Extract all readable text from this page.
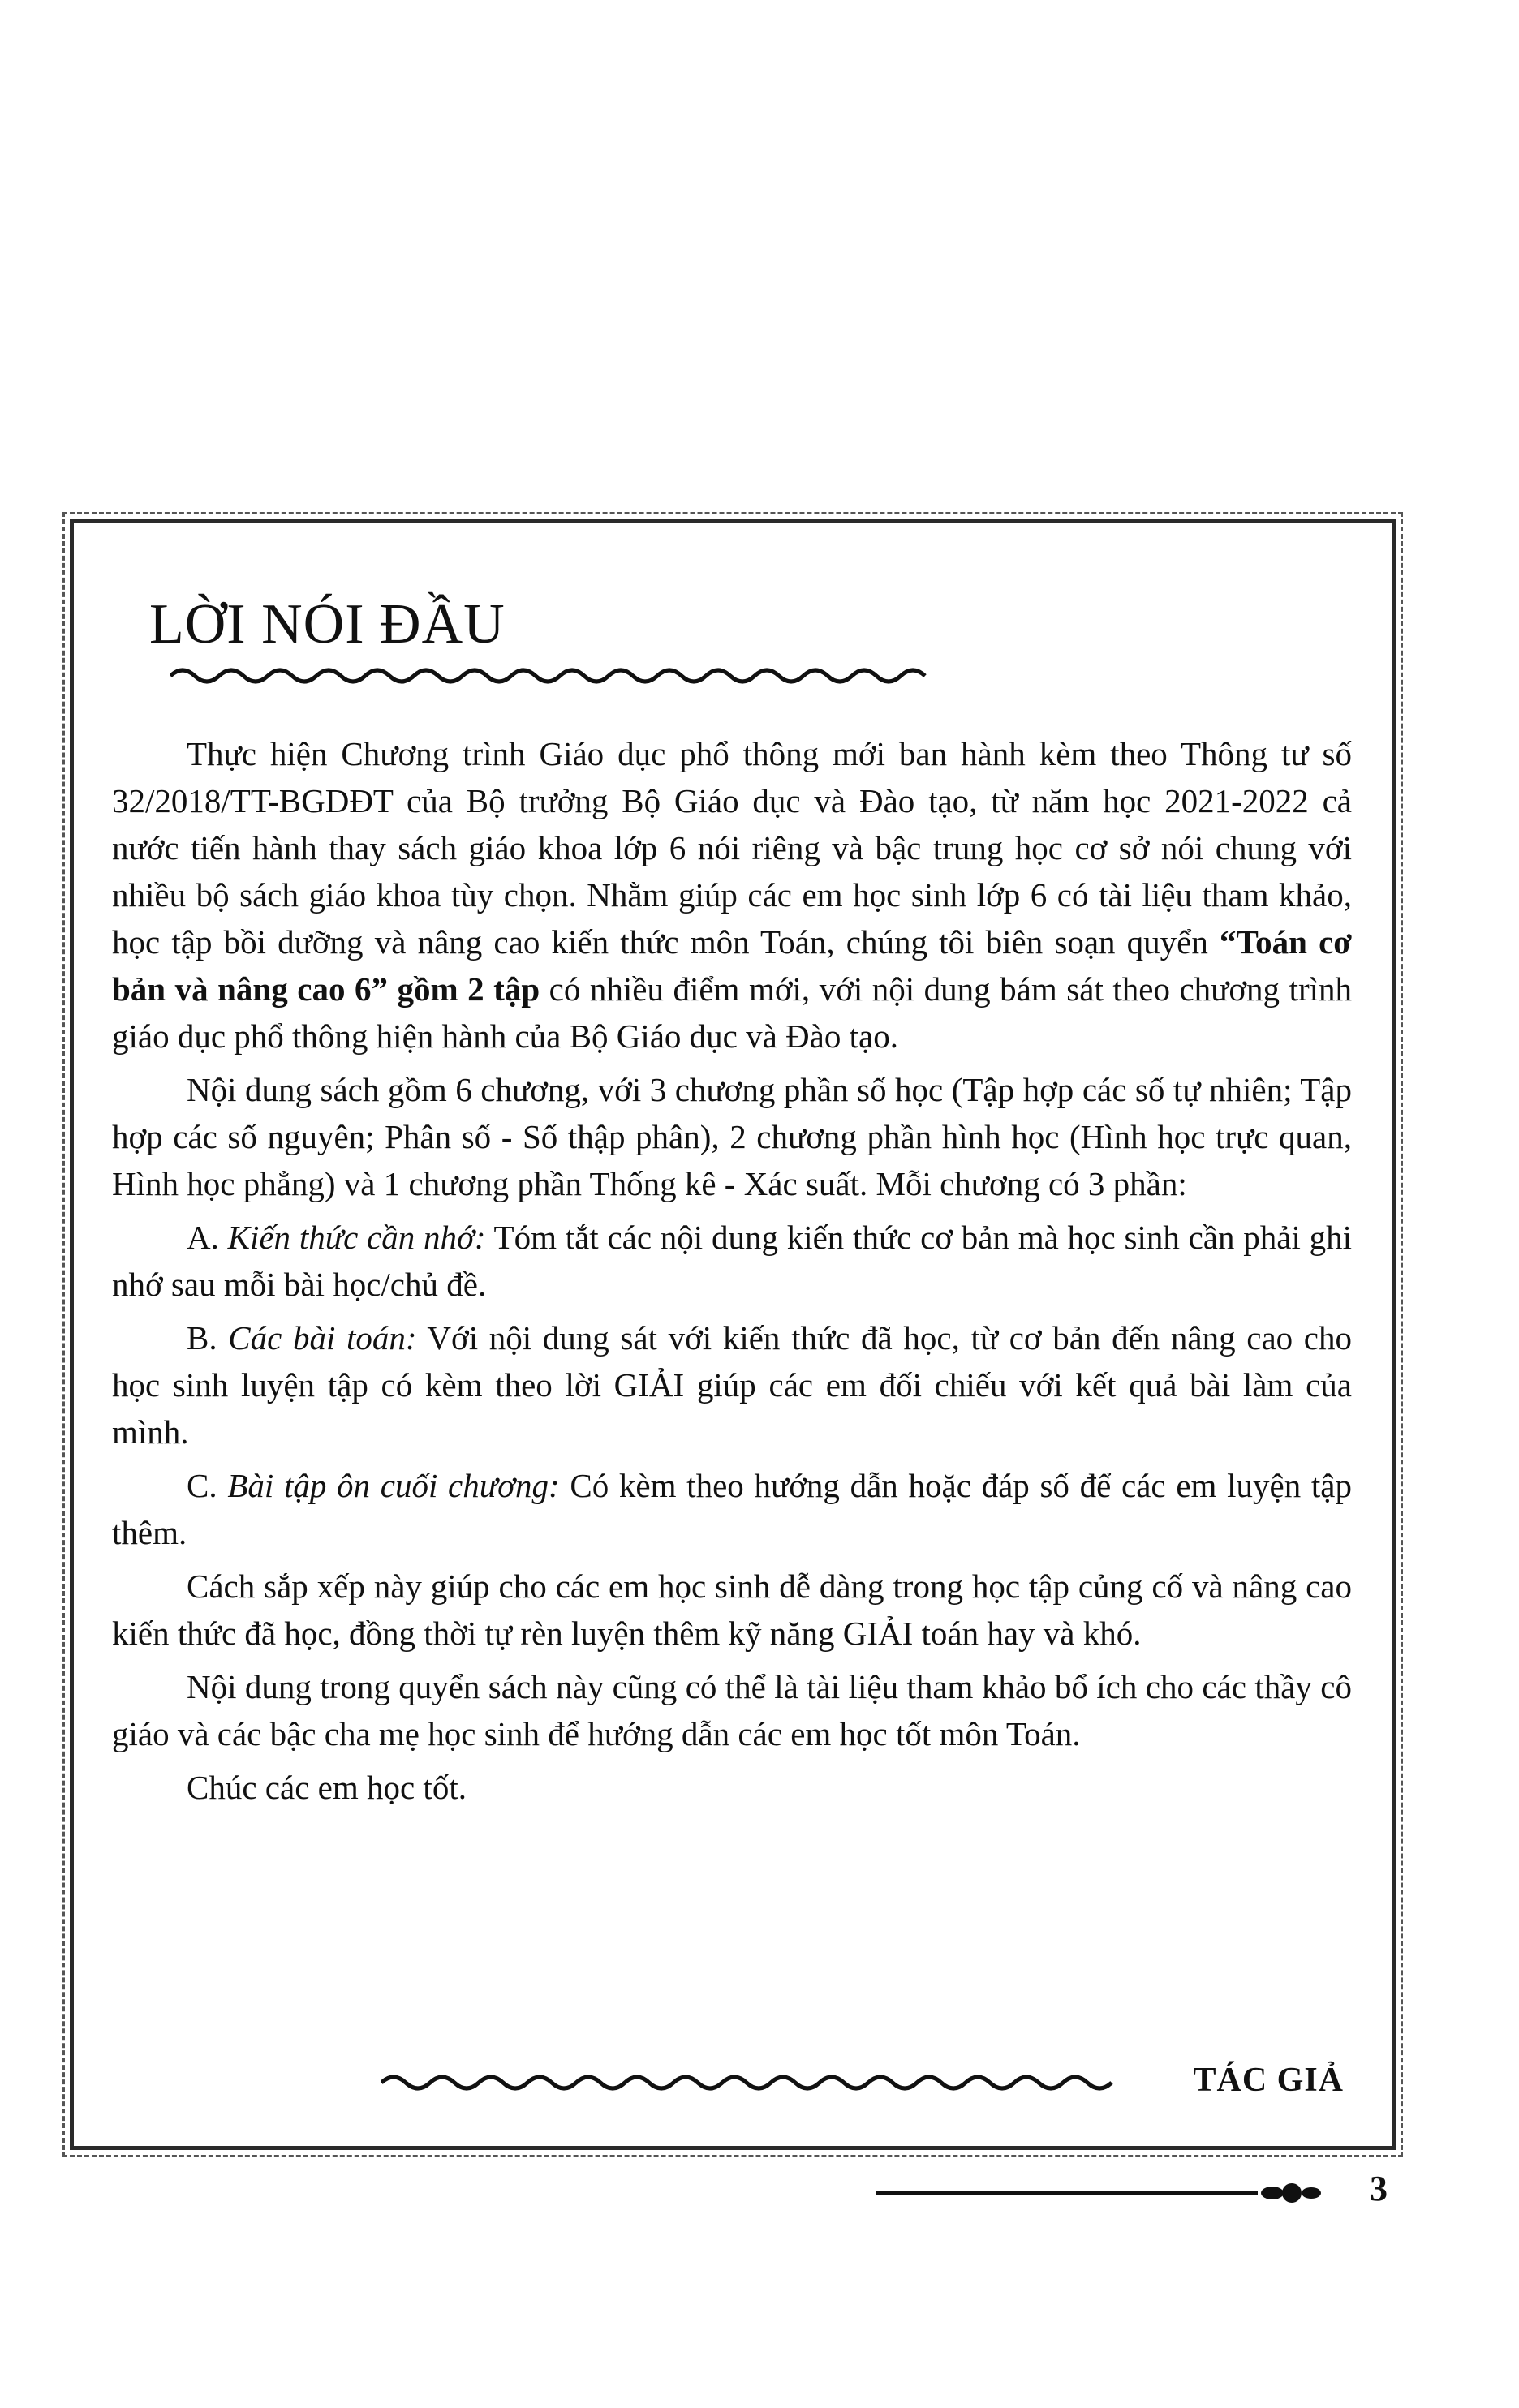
LỜI NÓI ĐẦU

Thực hiện Chương trình Giáo dục phổ thông mới ban hành kèm theo Thông tư số 32/2018/TT-BGDĐT của Bộ trưởng Bộ Giáo dục và Đào tạo, từ năm học 2021-2022 cả nước tiến hành thay sách giáo khoa lớp 6 nói riêng và bậc trung học cơ sở nói chung với nhiều bộ sách giáo khoa tùy chọn. Nhằm giúp các em học sinh lớp 6 có tài liệu tham khảo, học tập bồi dưỡng và nâng cao kiến thức môn Toán, chúng tôi biên soạn quyển “Toán cơ bản và nâng cao 6” gồm 2 tập có nhiều điểm mới, với nội dung bám sát theo chương trình giáo dục phổ thông hiện hành của Bộ Giáo dục và Đào tạo.

Nội dung sách gồm 6 chương, với 3 chương phần số học (Tập hợp các số tự nhiên; Tập hợp các số nguyên; Phân số - Số thập phân), 2 chương phần hình học (Hình học trực quan, Hình học phẳng) và 1 chương phần Thống kê - Xác suất. Mỗi chương có 3 phần:

A. Kiến thức cần nhớ: Tóm tắt các nội dung kiến thức cơ bản mà học sinh cần phải ghi nhớ sau mỗi bài học/chủ đề.

B. Các bài toán: Với nội dung sát với kiến thức đã học, từ cơ bản đến nâng cao cho học sinh luyện tập có kèm theo lời GIẢI giúp các em đối chiếu với kết quả bài làm của mình.

C. Bài tập ôn cuối chương: Có kèm theo hướng dẫn hoặc đáp số để các em luyện tập thêm.

Cách sắp xếp này giúp cho các em học sinh dễ dàng trong học tập củng cố và nâng cao kiến thức đã học, đồng thời tự rèn luyện thêm kỹ năng GIẢI toán hay và khó.

Nội dung trong quyển sách này cũng có thể là tài liệu tham khảo bổ ích cho các thầy cô giáo và các bậc cha mẹ học sinh để hướng dẫn các em học tốt môn Toán.

Chúc các em học tốt.

TÁC GIẢ
3
